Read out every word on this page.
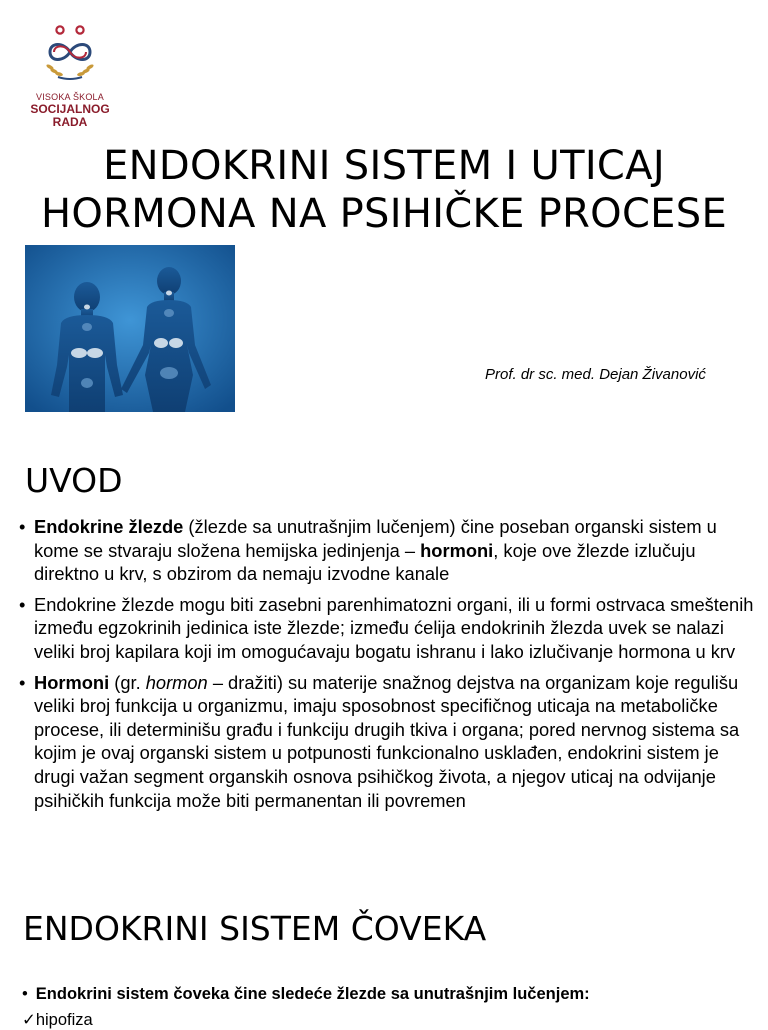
VISOKA ŠKOLA
SOCIJALNOG
RADA
ENDOKRINI SISTEM I UTICAJ
HORMONA NA PSIHIČKE PROCESE
Prof. dr sc. med. Dejan Živanović
UVOD
• Endokrine žlezde (žlezde sa unutrašnjim lučenjem) čine poseban organski sistem u kome se stvaraju složena hemijska jedinjenja – hormoni, koje ove žlezde izlučuju direktno u krv, s obzirom da nemaju izvodne kanale
• Endokrine žlezde mogu biti zasebni parenhimatozni organi, ili u formi ostrvaca smeštenih između egzokrinih jedinica iste žlezde; između ćelija endokrinih žlezda uvek se nalazi veliki broj kapilara koji im omogućavaju bogatu ishranu i lako izlučivanje hormona u krv
• Hormoni (gr. hormon – dražiti) su materije snažnog dejstva na organizam koje regulišu veliki broj funkcija u organizmu, imaju sposobnost specifičnog uticaja na metaboličke procese, ili determinišu građu i funkciju drugih tkiva i organa; pored nervnog sistema sa kojim je ovaj organski sistem u potpunosti funkcionalno usklađen, endokrini sistem je drugi važan segment organskih osnova psihičkog života, a njegov uticaj na odvijanje psihičkih funkcija može biti permanentan ili povremen
ENDOKRINI SISTEM ČOVEKA
• Endokrini sistem čoveka čine sledeće žlezde sa unutrašnjim lučenjem:
✓hipofiza
